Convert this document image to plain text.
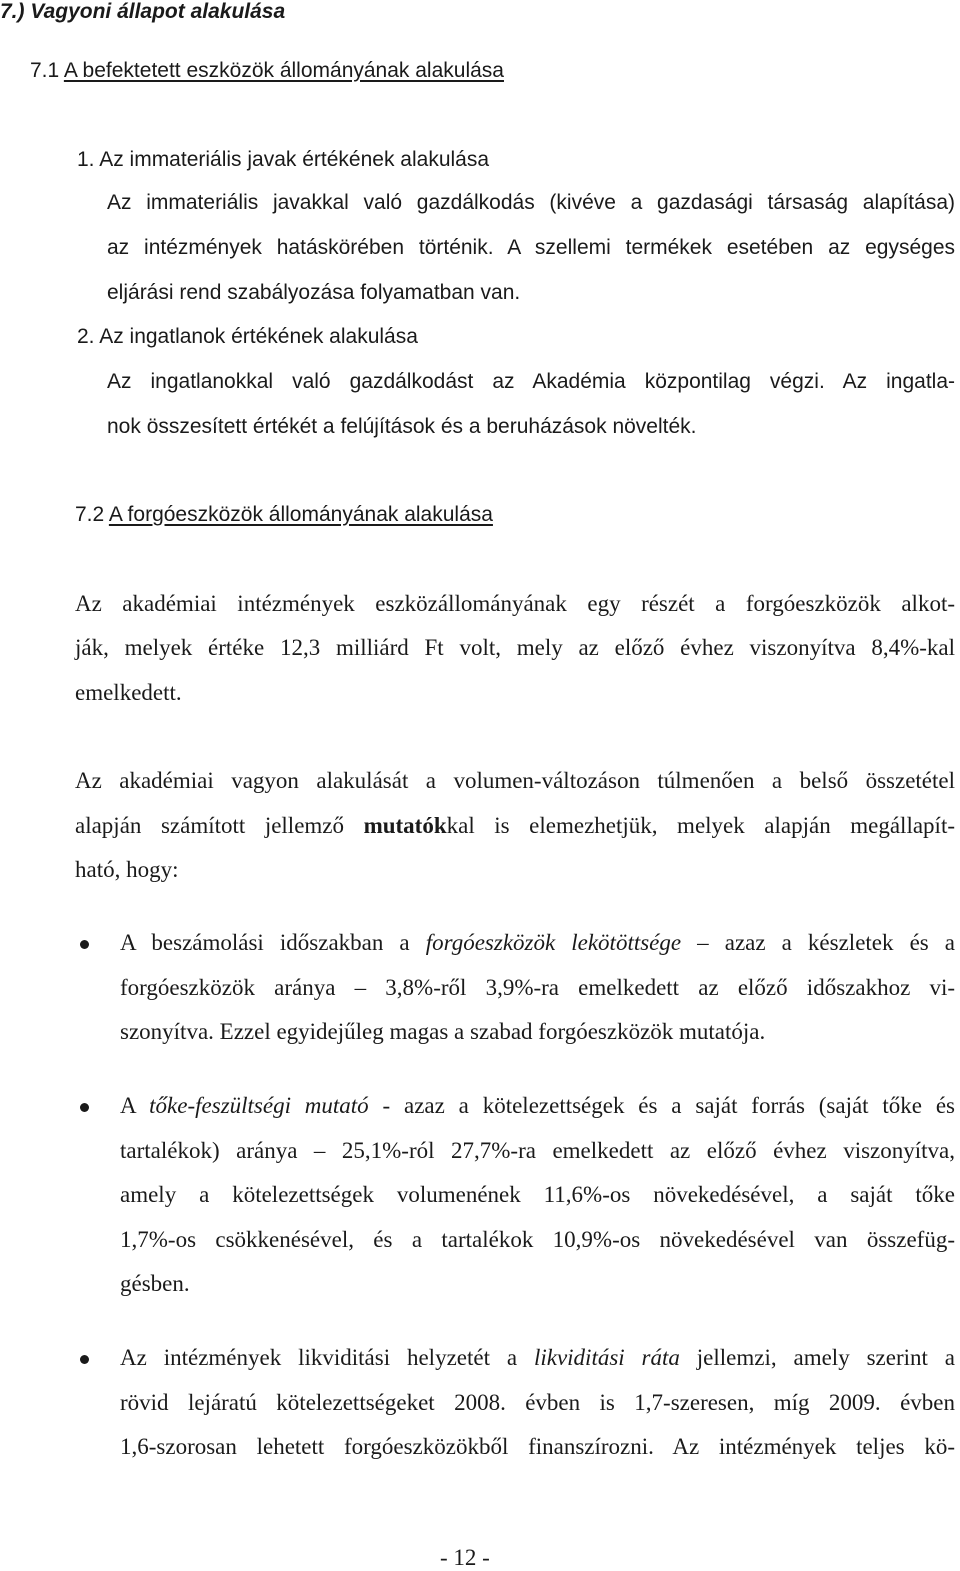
7.) Vagyoni állapot alakulása
7.1 A befektetett eszközök állományának alakulása
1. Az immateriális javak értékének alakulása
Az immateriális javakkal való gazdálkodás (kivéve a gazdasági társaság alapítása)
az intézmények hatáskörében történik. A szellemi termékek esetében az egységes
eljárási rend szabályozása folyamatban van.
2. Az ingatlanok értékének alakulása
Az ingatlanokkal való gazdálkodást az Akadémia központilag végzi. Az ingatla-
nok összesített értékét a felújítások és a beruházások növelték.
7.2 A forgóeszközök állományának alakulása
Az akadémiai intézmények eszközállományának egy részét a forgóeszközök alkot-
ják, melyek értéke 12,3 milliárd Ft volt, mely az előző évhez viszonyítva 8,4%-kal
emelkedett.
Az akadémiai vagyon alakulását a volumen-változáson túlmenően a belső összetétel
alapján számított jellemző mutatókkal is elemezhetjük, melyek alapján megállapít-
ható, hogy:
A beszámolási időszakban a forgóeszközök lekötöttsége – azaz a készletek és a
forgóeszközök aránya – 3,8%-ről 3,9%-ra emelkedett az előző időszakhoz vi-
szonyítva. Ezzel egyidejűleg magas a szabad forgóeszközök mutatója.
A tőke-feszültségi mutató - azaz a kötelezettségek és a saját forrás (saját tőke és
tartalékok) aránya – 25,1%-ról 27,7%-ra emelkedett az előző évhez viszonyítva,
amely a kötelezettségek volumenének 11,6%-os növekedésével, a saját tőke
1,7%-os csökkenésével, és a tartalékok 10,9%-os növekedésével van összefüg-
gésben.
Az intézmények likviditási helyzetét a likviditási ráta jellemzi, amely szerint a
rövid lejáratú kötelezettségeket 2008. évben is 1,7-szeresen, míg 2009. évben
1,6-szorosan lehetett forgóeszközökből finanszírozni. Az intézmények teljes kö-
- 12 -
